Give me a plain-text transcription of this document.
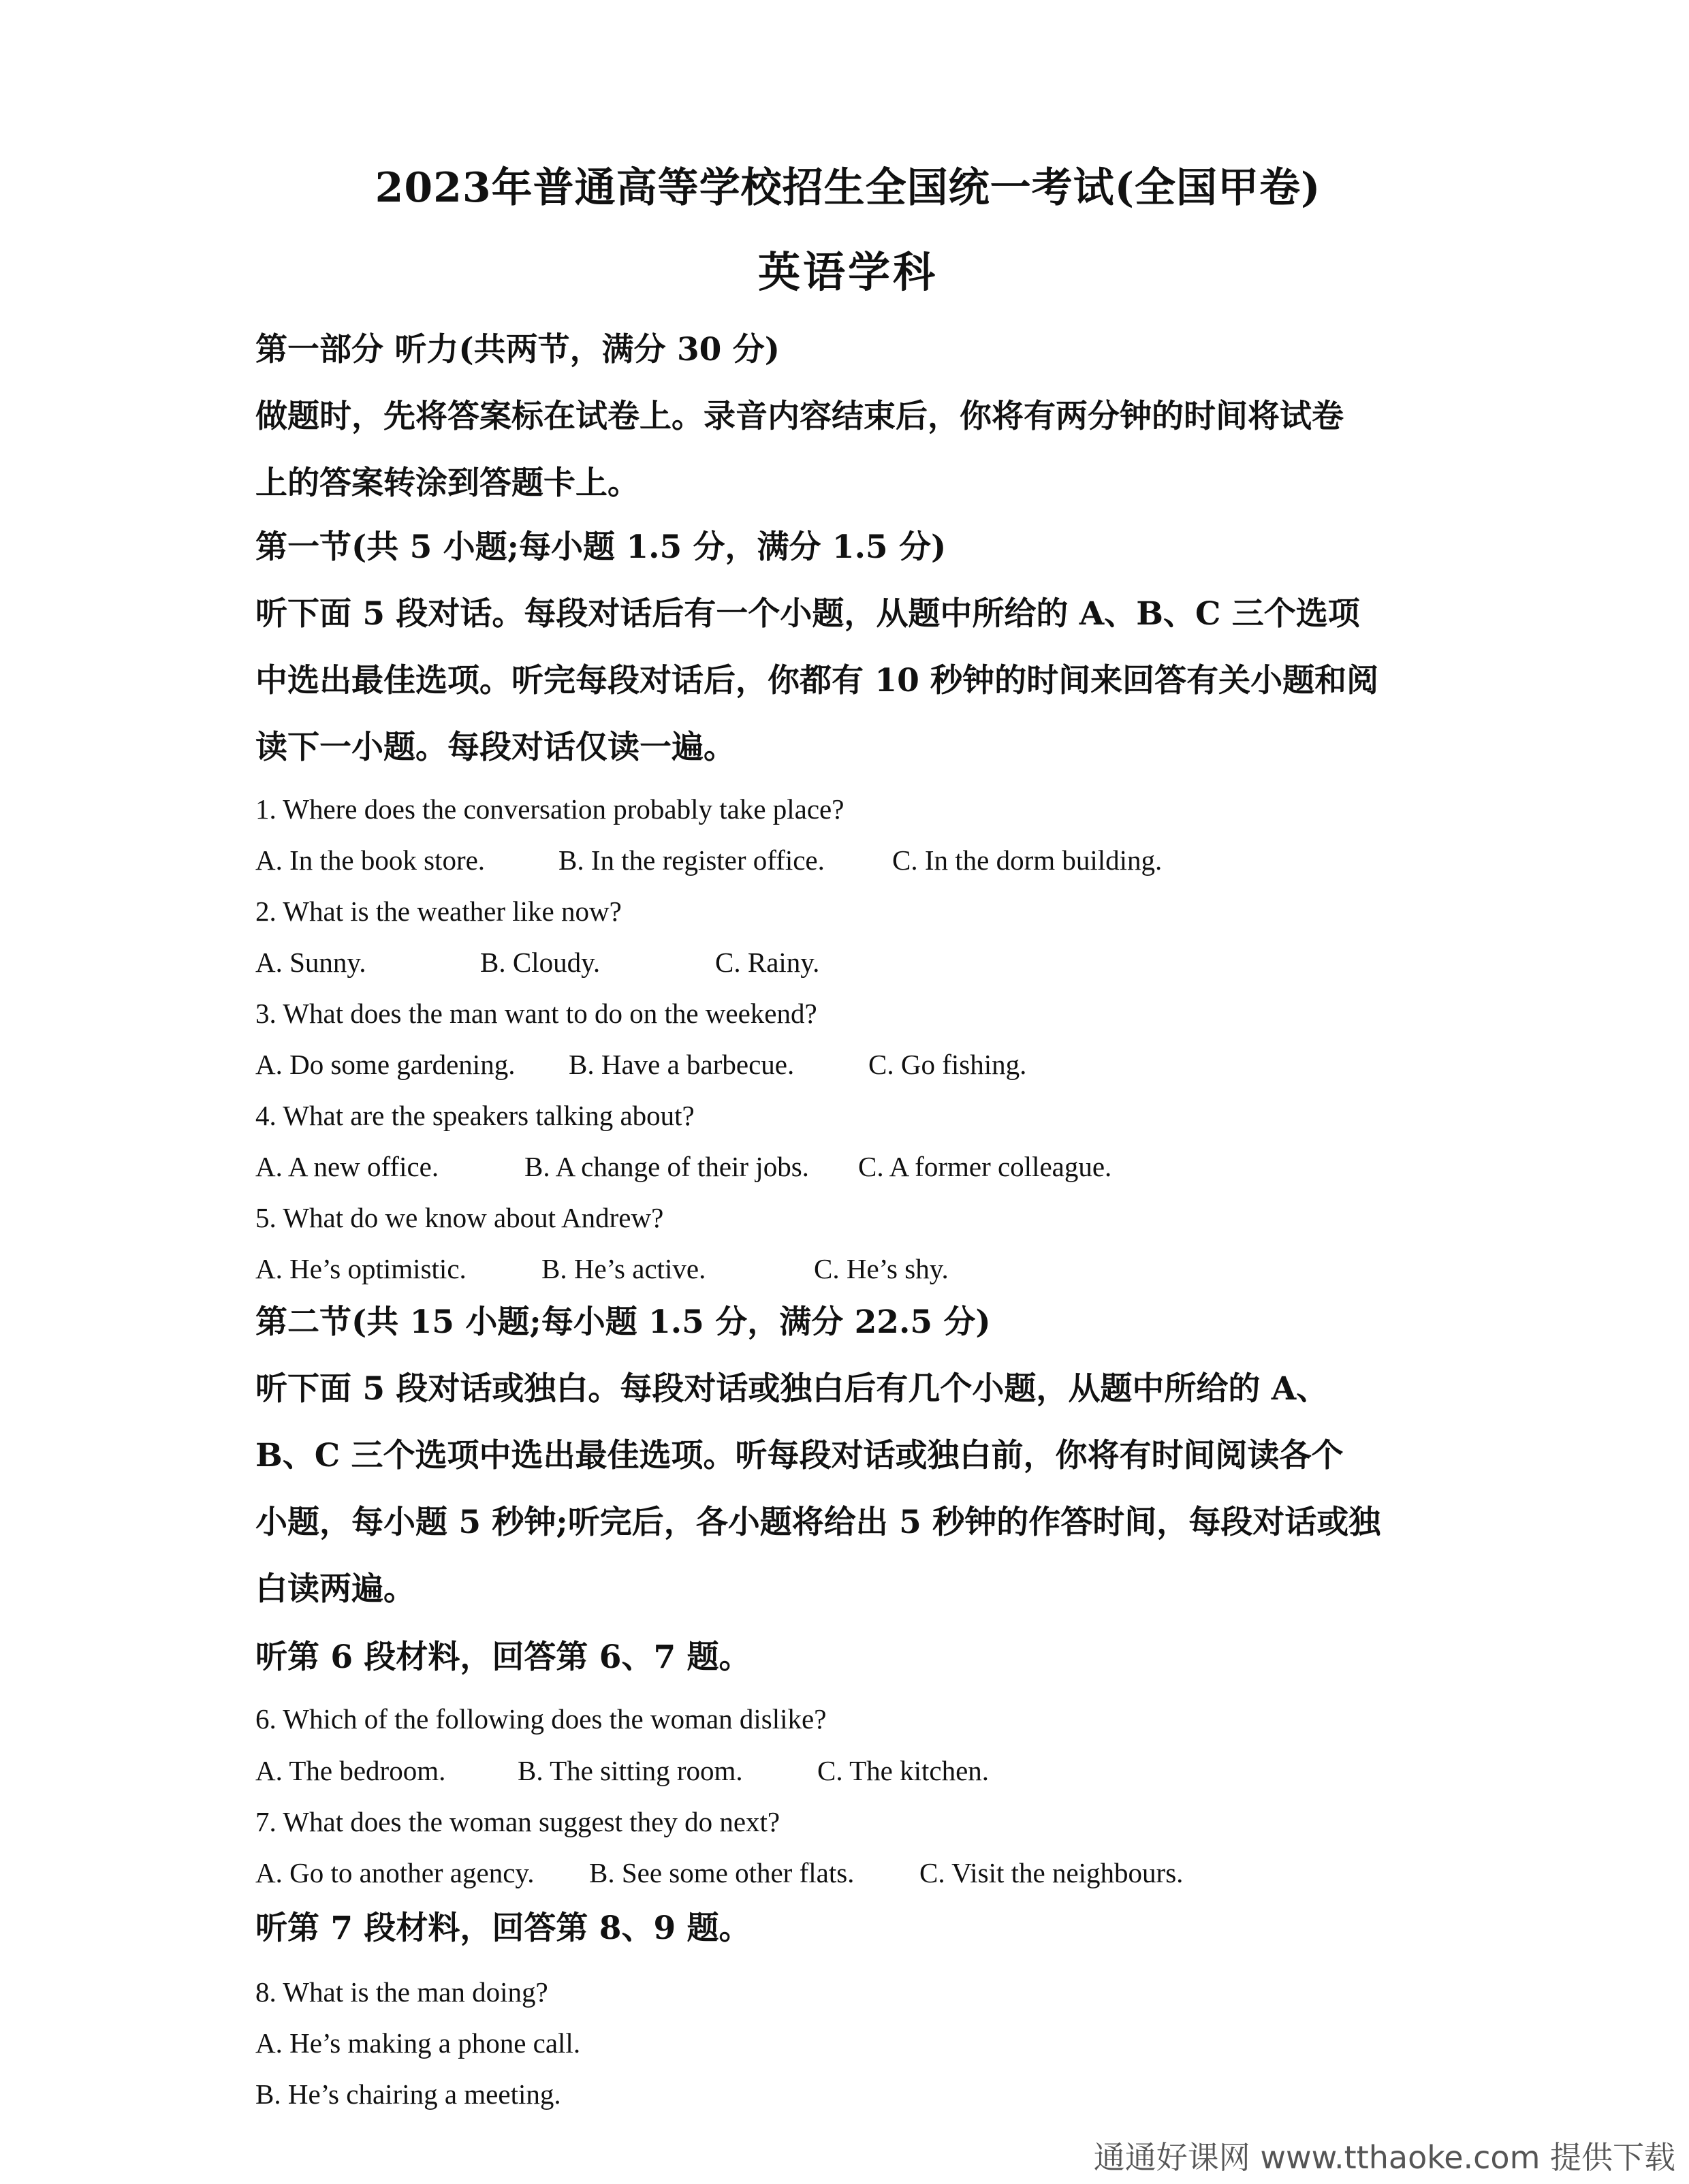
2023年普通高等学校招生全国统一考试(全国甲卷)
英语学科
第一部分 听力(共两节，满分 30 分)
做题时，先将答案标在试卷上。录音内容结束后，你将有两分钟的时间将试卷
上的答案转涂到答题卡上。
第一节(共 5 小题;每小题 1.5 分，满分 1.5 分)
听下面 5 段对话。每段对话后有一个小题，从题中所给的 A、B、C 三个选项
中选出最佳选项。听完每段对话后，你都有 10 秒钟的时间来回答有关小题和阅
读下一小题。每段对话仅读一遍。
1. Where does the conversation probably take place?
A. In the book store.	B. In the register office. C. In the dorm building.
2. What is the weather like now?
A. Sunny.	B. Cloudy.	C. Rainy.
3. What does the man want to do on the weekend?
A. Do some gardening. B. Have a barbecue.	C. Go fishing.
4. What are the speakers talking about?
A. A new office.	B. A change of their jobs. C. A former colleague.
5. What do we know about Andrew?
A. He’s optimistic.	B. He’s active.	C. He’s shy.
第二节(共 15 小题;每小题 1.5 分，满分 22.5 分)
听下面 5 段对话或独白。每段对话或独白后有几个小题，从题中所给的 A、
B、C 三个选项中选出最佳选项。听每段对话或独白前，你将有时间阅读各个
小题，每小题 5 秒钟;听完后，各小题将给出 5 秒钟的作答时间，每段对话或独
白读两遍。
听第 6 段材料，回答第 6、7 题。
6. Which of the following does the woman dislike?
A. The bedroom.	B. The sitting room.	C. The kitchen.
7. What does the woman suggest they do next?
A. Go to another agency. B. See some other flats. C. Visit the neighbours.
听第 7 段材料，回答第 8、9 题。
8. What is the man doing?
A. He’s making a phone call.
B. He’s chairing a meeting.
通通好课网 www.tthaoke.com 提供下载
